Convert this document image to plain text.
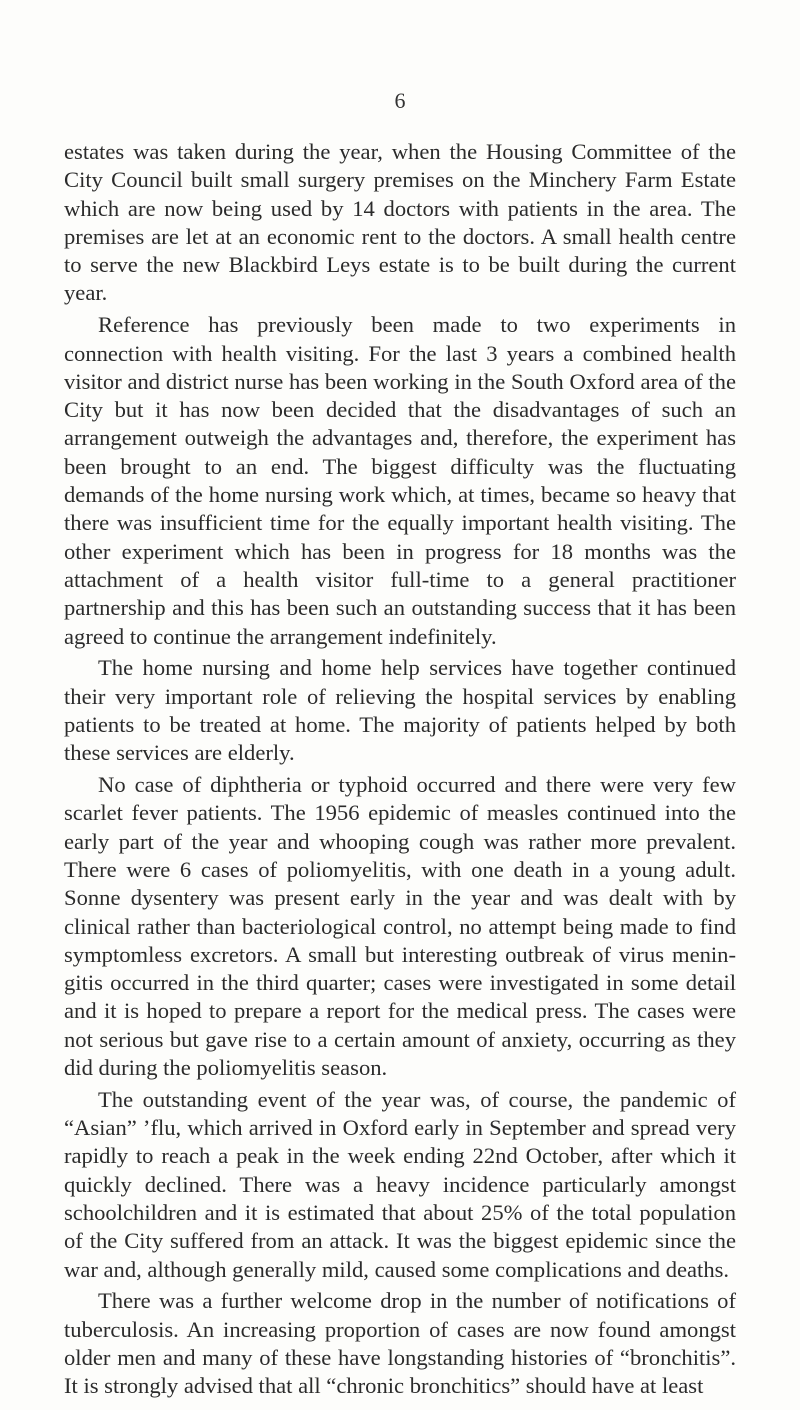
6

estates was taken during the year, when the Housing Committee of the City Council built small surgery premises on the Minchery Farm Estate which are now being used by 14 doctors with patients in the area. The premises are let at an economic rent to the doctors. A small health centre to serve the new Blackbird Leys estate is to be built during the current year.

Reference has previously been made to two experiments in connection with health visiting. For the last 3 years a combined health visitor and district nurse has been working in the South Oxford area of the City but it has now been decided that the disadvantages of such an arrangement outweigh the advantages and, therefore, the experiment has been brought to an end. The biggest difficulty was the fluctuating demands of the home nursing work which, at times, became so heavy that there was insufficient time for the equally important health visiting. The other experiment which has been in progress for 18 months was the attachment of a health visitor full-time to a general practitioner partnership and this has been such an outstanding success that it has been agreed to continue the arrangement indefinitely.

The home nursing and home help services have together continued their very important role of relieving the hospital services by enabling patients to be treated at home. The majority of patients helped by both these services are elderly.

No case of diphtheria or typhoid occurred and there were very few scarlet fever patients. The 1956 epidemic of measles continued into the early part of the year and whooping cough was rather more prevalent. There were 6 cases of poliomyelitis, with one death in a young adult. Sonne dysentery was present early in the year and was dealt with by clinical rather than bacteriological control, no attempt being made to find symptomless excretors. A small but interesting outbreak of virus meningitis occurred in the third quarter; cases were investigated in some detail and it is hoped to prepare a report for the medical press. The cases were not serious but gave rise to a certain amount of anxiety, occurring as they did during the poliomyelitis season.

The outstanding event of the year was, of course, the pandemic of “Asian” ’flu, which arrived in Oxford early in September and spread very rapidly to reach a peak in the week ending 22nd October, after which it quickly declined. There was a heavy incidence particularly amongst schoolchildren and it is estimated that about 25% of the total population of the City suffered from an attack. It was the biggest epidemic since the war and, although generally mild, caused some complications and deaths.

There was a further welcome drop in the number of notifications of tuberculosis. An increasing proportion of cases are now found amongst older men and many of these have longstanding histories of “bronchitis”. It is strongly advised that all “chronic bronchitics” should have at least
